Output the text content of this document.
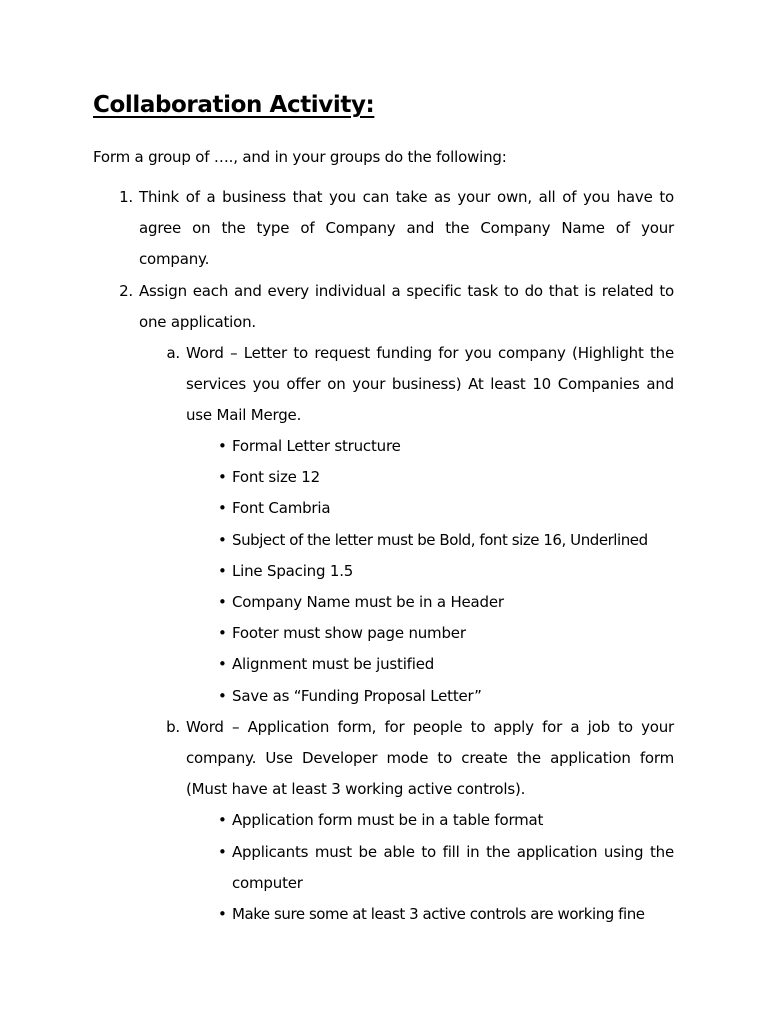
Collaboration Activity:

Form a group of …., and in your groups do the following:

1. Think of a business that you can take as your own, all of you have to agree on the type of Company and the Company Name of your company.
2. Assign each and every individual a specific task to do that is related to one application.
a. Word – Letter to request funding for you company (Highlight the services you offer on your business) At least 10 Companies and use Mail Merge.
• Formal Letter structure
• Font size 12
• Font Cambria
• Subject of the letter must be Bold, font size 16, Underlined
• Line Spacing 1.5
• Company Name must be in a Header
• Footer must show page number
• Alignment must be justified
• Save as “Funding Proposal Letter”
b. Word – Application form, for people to apply for a job to your company. Use Developer mode to create the application form (Must have at least 3 working active controls).
• Application form must be in a table format
• Applicants must be able to fill in the application using the computer
• Make sure some at least 3 active controls are working fine
